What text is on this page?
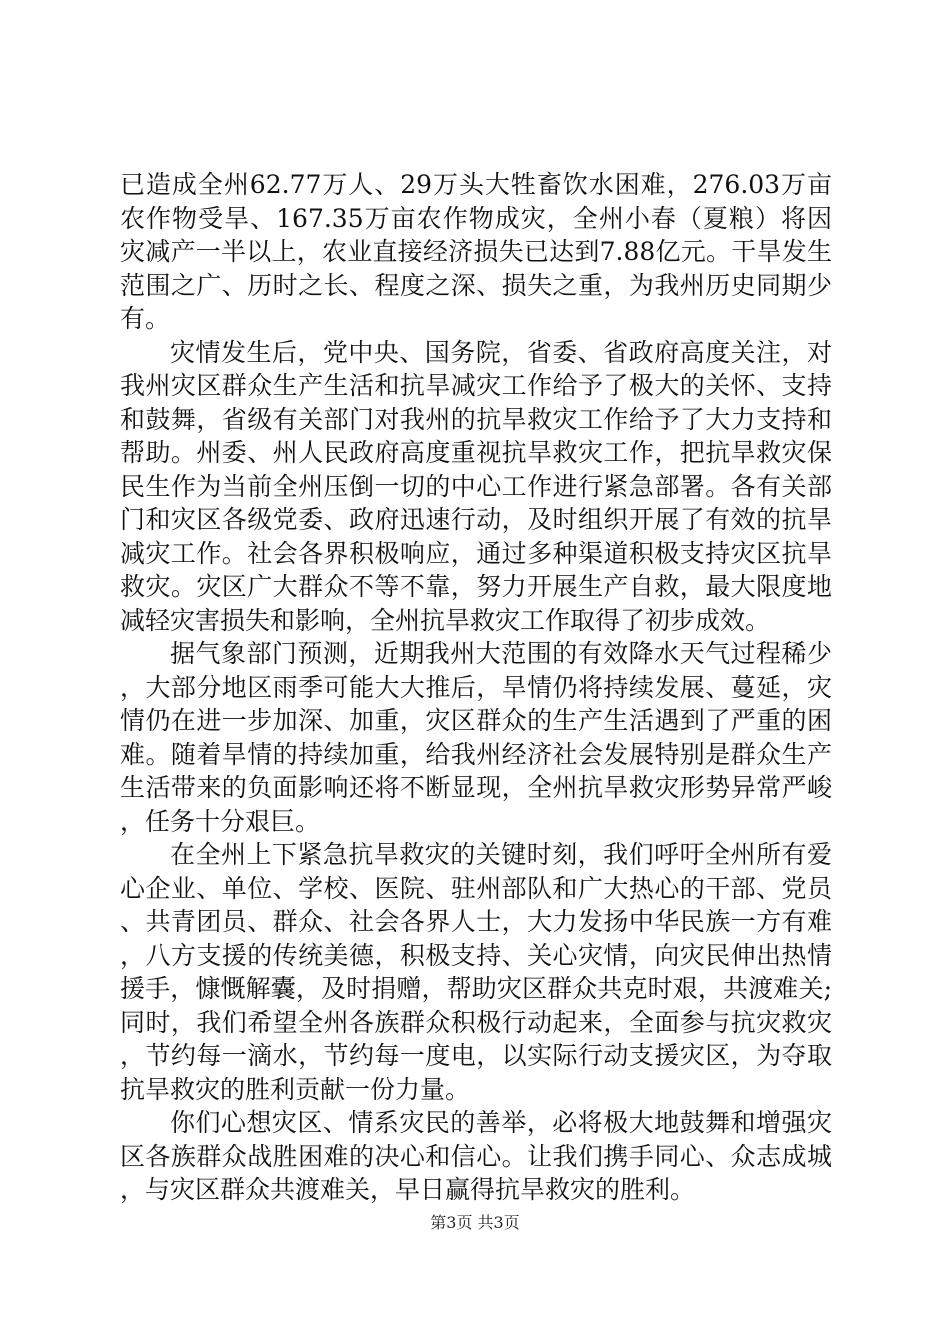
已造成全州62.77万人、29万头大牲畜饮水困难，276.03万亩农作物受旱、167.35万亩农作物成灾，全州小春（夏粮）将因灾减产一半以上，农业直接经济损失已达到7.88亿元。干旱发生范围之广、历时之长、程度之深、损失之重，为我州历史同期少有。

灾情发生后，党中央、国务院，省委、省政府高度关注，对我州灾区群众生产生活和抗旱减灾工作给予了极大的关怀、支持和鼓舞，省级有关部门对我州的抗旱救灾工作给予了大力支持和帮助。州委、州人民政府高度重视抗旱救灾工作，把抗旱救灾保民生作为当前全州压倒一切的中心工作进行紧急部署。各有关部门和灾区各级党委、政府迅速行动，及时组织开展了有效的抗旱减灾工作。社会各界积极响应，通过多种渠道积极支持灾区抗旱救灾。灾区广大群众不等不靠，努力开展生产自救，最大限度地减轻灾害损失和影响，全州抗旱救灾工作取得了初步成效。

据气象部门预测，近期我州大范围的有效降水天气过程稀少，大部分地区雨季可能大大推后，旱情仍将持续发展、蔓延，灾情仍在进一步加深、加重，灾区群众的生产生活遇到了严重的困难。随着旱情的持续加重，给我州经济社会发展特别是群众生产生活带来的负面影响还将不断显现，全州抗旱救灾形势异常严峻，任务十分艰巨。

在全州上下紧急抗旱救灾的关键时刻，我们呼吁全州所有爱心企业、单位、学校、医院、驻州部队和广大热心的干部、党员、共青团员、群众、社会各界人士，大力发扬中华民族一方有难，八方支援的传统美德，积极支持、关心灾情，向灾民伸出热情援手，慷慨解囊，及时捐赠，帮助灾区群众共克时艰，共渡难关;同时，我们希望全州各族群众积极行动起来，全面参与抗灾救灾，节约每一滴水，节约每一度电，以实际行动支援灾区，为夺取抗旱救灾的胜利贡献一份力量。

你们心想灾区、情系灾民的善举，必将极大地鼓舞和增强灾区各族群众战胜困难的决心和信心。让我们携手同心、众志成城，与灾区群众共渡难关，早日赢得抗旱救灾的胜利。

第3页 共3页
